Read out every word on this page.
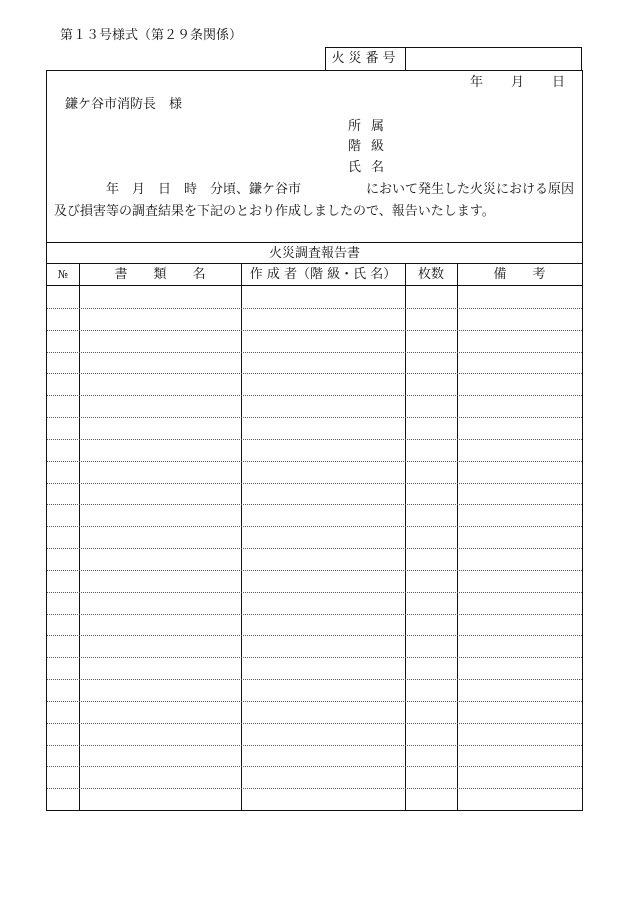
第１３号様式（第２９条関係）
火災番号
年 月 日
鎌ケ谷市消防長　様
所属
階級
氏名
年　月　日　時　分頃、鎌ケ谷市　　　　　において発生した火災における原因
及び損害等の調査結果を下記のとおり作成しましたので、報告いたします。
火災調査報告書
№	書　　類　　名	作 成 者（階 級・氏 名）	枚数	備　　考
